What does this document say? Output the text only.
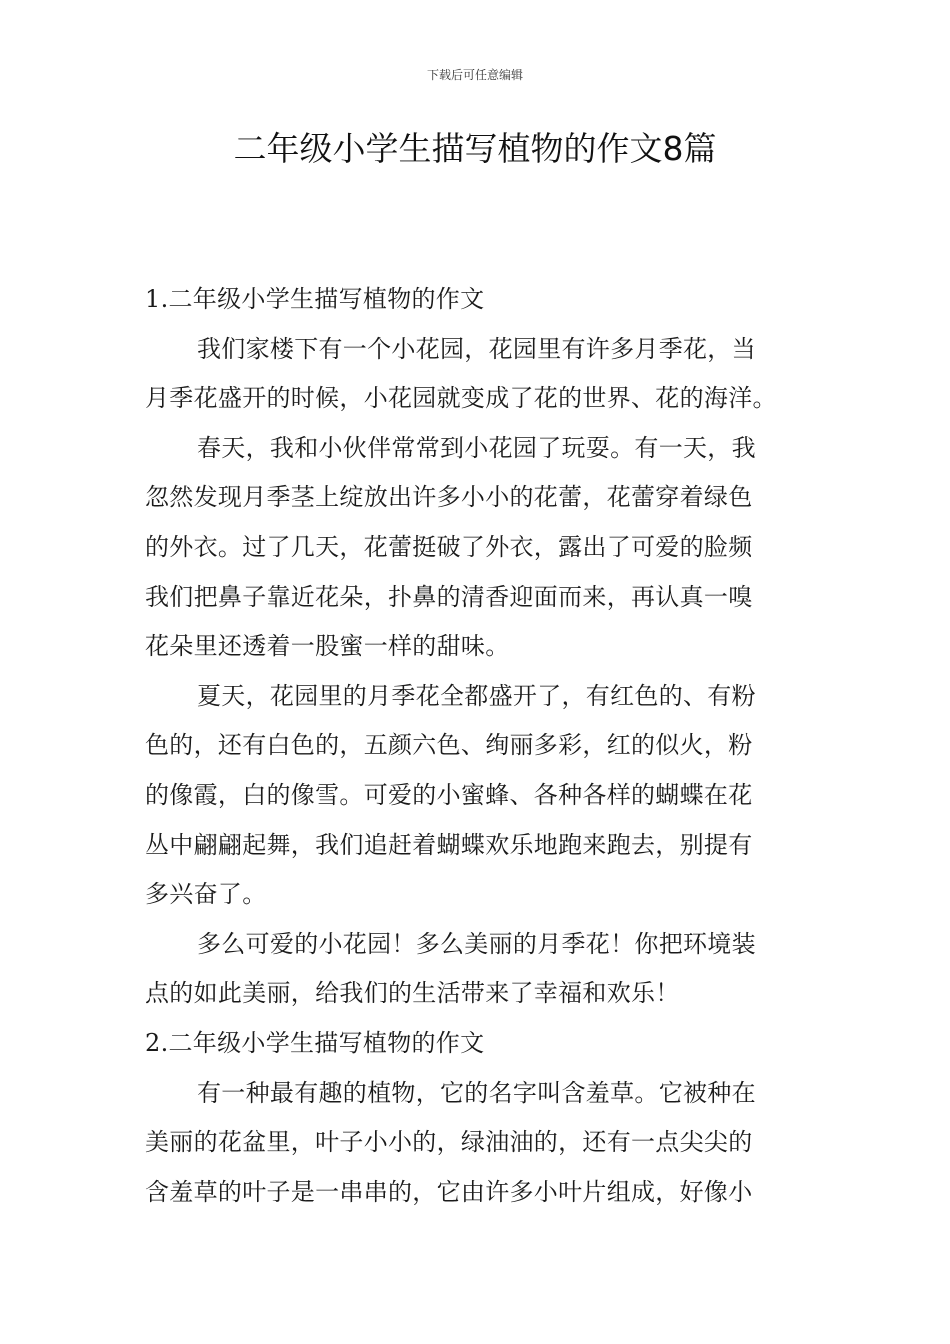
下载后可任意编辑
二年级小学生描写植物的作文8篇
1.二年级小学生描写植物的作文
我们家楼下有一个小花园，花园里有许多月季花，当
月季花盛开的时候，小花园就变成了花的世界、花的海洋。
春天，我和小伙伴常常到小花园了玩耍。有一天，我
忽然发现月季茎上绽放出许多小小的花蕾，花蕾穿着绿色
的外衣。过了几天，花蕾挺破了外衣，露出了可爱的脸频
我们把鼻子靠近花朵，扑鼻的清香迎面而来，再认真一嗅
花朵里还透着一股蜜一样的甜味。
夏天，花园里的月季花全都盛开了，有红色的、有粉
色的，还有白色的，五颜六色、绚丽多彩，红的似火，粉
的像霞，白的像雪。可爱的小蜜蜂、各种各样的蝴蝶在花
丛中翩翩起舞，我们追赶着蝴蝶欢乐地跑来跑去，别提有
多兴奋了。
多么可爱的小花园！多么美丽的月季花！你把环境装
点的如此美丽，给我们的生活带来了幸福和欢乐！
2.二年级小学生描写植物的作文
有一种最有趣的植物，它的名字叫含羞草。它被种在
美丽的花盆里，叶子小小的，绿油油的，还有一点尖尖的
含羞草的叶子是一串串的，它由许多小叶片组成，好像小
